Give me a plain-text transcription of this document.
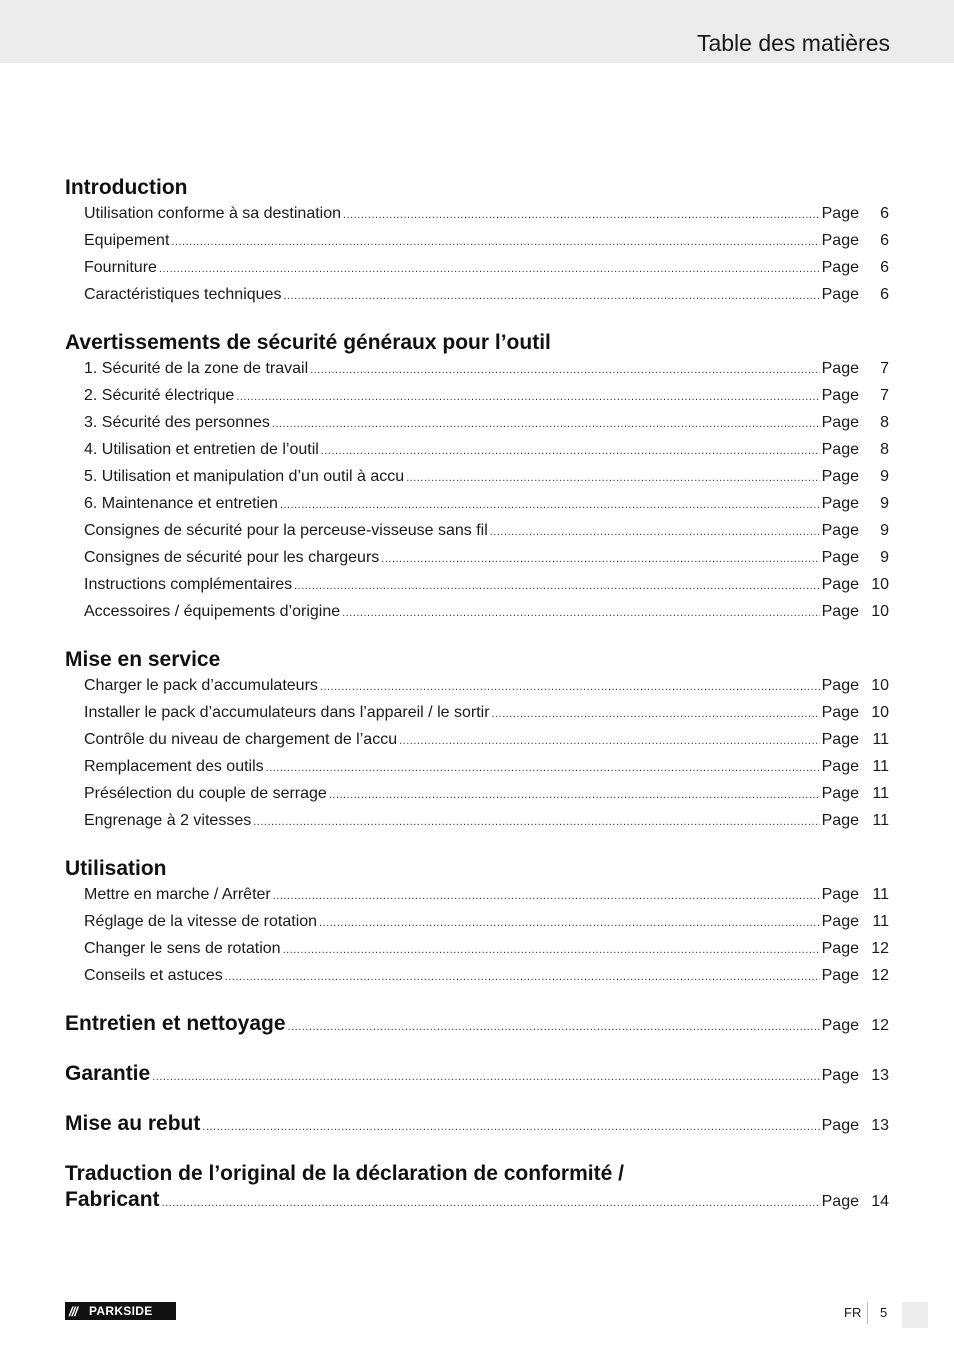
Table des matières
Introduction
Utilisation conforme à sa destination .....	Page	6
Equipement .....	Page	6
Fourniture .....	Page	6
Caractéristiques techniques .....	Page	6
Avertissements de sécurité généraux pour l’outil
1. Sécurité de la zone de travail .....	Page	7
2. Sécurité électrique .....	Page	7
3. Sécurité des personnes .....	Page	8
4. Utilisation et entretien de l’outil .....	Page	8
5. Utilisation et manipulation d’un outil à accu .....	Page	9
6. Maintenance et entretien .....	Page	9
Consignes de sécurité pour la perceuse-visseuse sans fil .....	Page	9
Consignes de sécurité pour les chargeurs .....	Page	9
Instructions complémentaires .....	Page 10
Accessoires / équipements d’origine .....	Page 10
Mise en service
Charger le pack d’accumulateurs .....	Page 10
Installer le pack d’accumulateurs dans l’appareil / le sortir .....	Page 10
Contrôle du niveau de chargement de l’accu .....	Page 11
Remplacement des outils .....	Page 11
Présélection du couple de serrage .....	Page 11
Engrenage à 2 vitesses .....	Page 11
Utilisation
Mettre en marche / Arrêter .....	Page 11
Réglage de la vitesse de rotation .....	Page 11
Changer le sens de rotation .....	Page 12
Conseils et astuces .....	Page 12
Entretien et nettoyage .....	Page 12
Garantie .....	Page 13
Mise au rebut .....	Page 13
Traduction de l’original de la déclaration de conformité /
Fabricant .....	Page 14
///	PARKSIDE	FR 5
